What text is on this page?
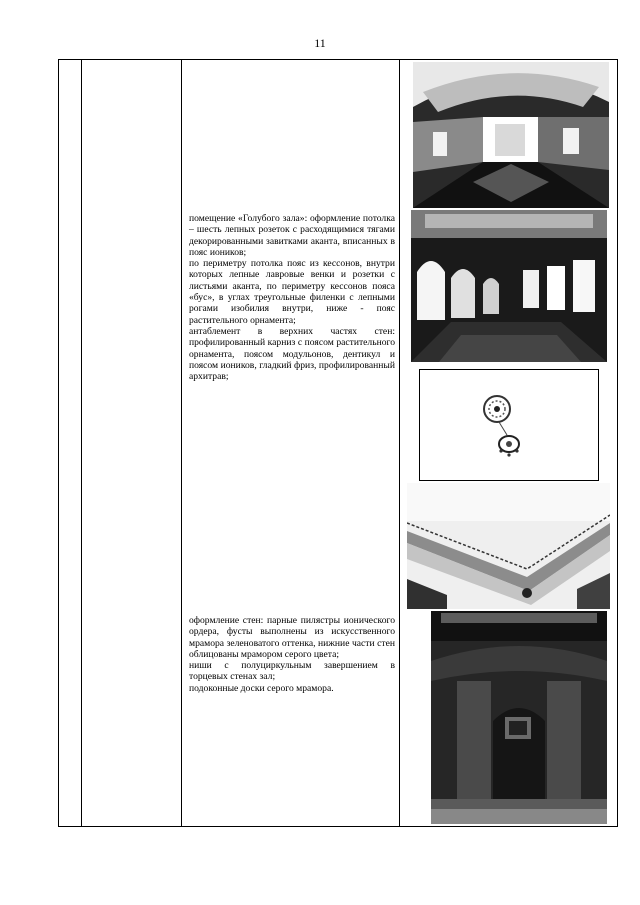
11

помещение «Голубого зала»: оформление потолка – шесть лепных розеток с расходящимися тягами декорированными завитками аканта, вписанных в пояс иоников;

по периметру потолка пояс из кессонов, внутри которых лепные лавровые венки и розетки с листьями аканта, по периметру кессонов пояса «бус», в углах треугольные филенки с лепными рогами изобилия внутри, ниже - пояс растительного орнамента;

антаблемент в верхних частях стен: профилированный карниз с поясом растительного орнамента, поясом модульонов, дентикул и поясом иоников, гладкий фриз, профилированный архитрав;

оформление стен: парные пилястры ионического ордера, фусты выполнены из искусственного мрамора зеленоватого оттенка, нижние части стен облицованы мрамором серого цвета;

ниши с полуциркульным завершением в торцевых стенах зал;

подоконные доски серого мрамора.
